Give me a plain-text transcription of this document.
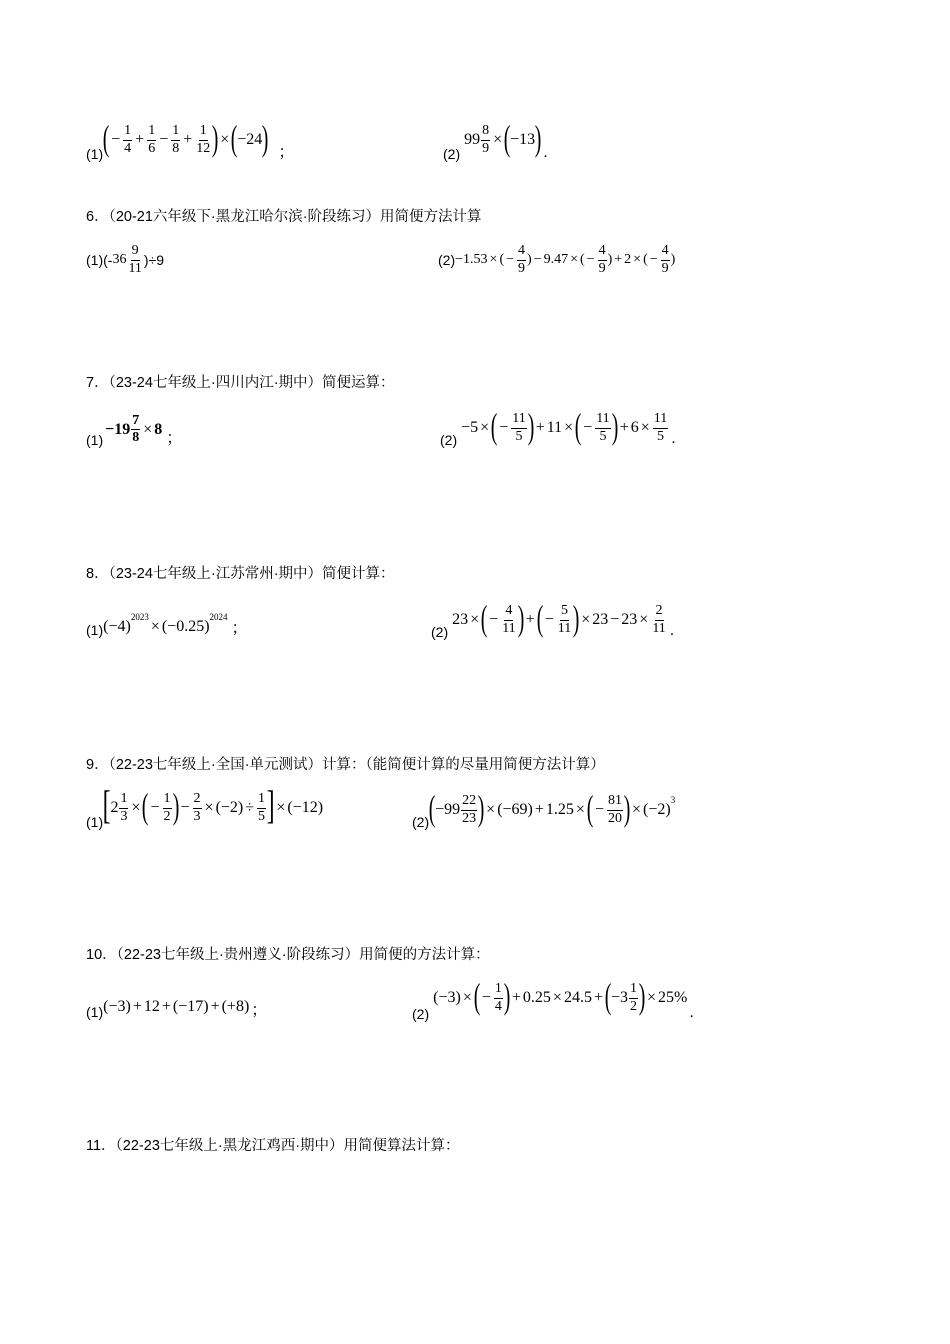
(1) ( − $\frac{1}{4} + \frac{1}{6} - \frac{1}{8} + \frac{1}{12}$ ) × ( −24 ) ；	(2)
$99 \frac{8}{9}$ × ( −13 ) .
6．（20-21六年级下·黑龙江哈尔滨·阶段练习）用简便方法计算
(1)(- $36 \frac{9}{11} )\div 9$	(2) −1.53 × ( − $\frac{4}{9}$ ) − 9.47 × ( − $\frac{4}{9}$ ) + 2 × ( − $\frac{4}{9}$ )
7．（23-24七年级上·四川内江·期中）简便运算：
(1)
$-19 \frac{7}{8} \times 8$
；	(2)
−5 × ( − $\frac{11}{5}$ ) + 11 × ( − $\frac{11}{5}$ ) + $6 \times \frac{11}{5}$ .
8．（23-24七年级上·江苏常州·期中）简便计算：
(1) (−4)
2023
× (−0.25)
2024
；	(2)
23 × ( − $\frac{4}{11}$ ) + ( − $\frac{5}{11}$ ) × $23 - 23 \times \frac{2}{11}$ .
9．（22-23七年级上·全国·单元测试）计算：（能简便计算的尽量用简便方法计算）
(1) [ $2 \frac{1}{3}$ × ( − $\frac{1}{2}$ ) − $\frac{2}{3} \times (-2) \div \frac{1}{5}$ ] × (−12)
(2) ( $-99 \frac{22}{23}$ ) × (−69) + 1.25 × ( − $\frac{81}{20}$ ) × (−2)
3
10．（22-23七年级上·贵州遵义·阶段练习）用简便的方法计算：
(1) (−3) + 12 + (−17) + (+8) ；	(2)
(−3) × ( − $\frac{1}{4}$ ) + 0.25 × 24.5 + ( $-3 \frac{1}{2}$ ) × 25%
.
11．（22-23七年级上·黑龙江鸡西·期中）用简便算法计算：
